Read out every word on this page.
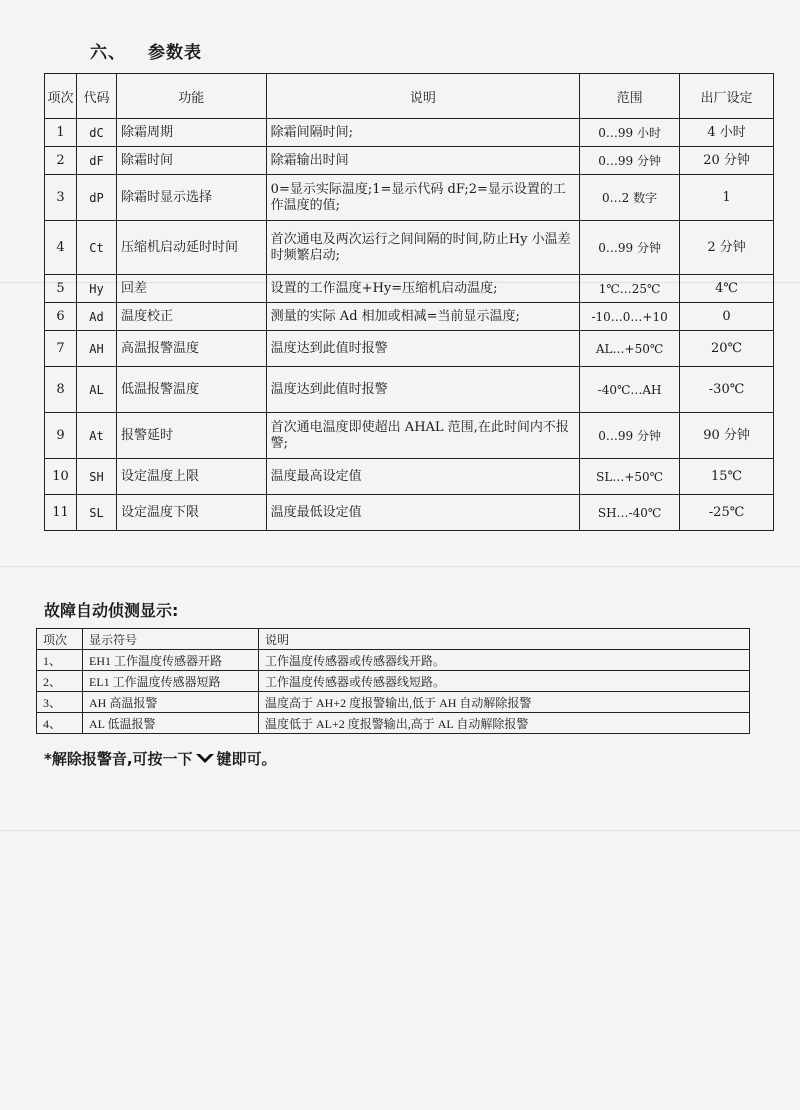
六、 参数表
项次	代码	功能	说明	范围	出厂设定
1	dC	除霜周期	除霜间隔时间;	0…99 小时	4 小时
2	dF	除霜时间	除霜输出时间	0…99 分钟	20 分钟
3	dP	除霜时显示选择	0=显示实际温度;1=显示代码 dF;2=显示设置的工作温度的值;	0…2 数字	1
4	Ct	压缩机启动延时时间	首次通电及两次运行之间间隔的时间,防止Hy 小温差时频繁启动;	0…99 分钟	2 分钟
5	Hy	回差	设置的工作温度+Hy=压缩机启动温度;	1℃…25℃	4℃
6	Ad	温度校正	测量的实际 Ad 相加或相减=当前显示温度;	-10…0…+10	0
7	AH	高温报警温度	温度达到此值时报警	AL…+50℃	20℃
8	AL	低温报警温度	温度达到此值时报警	-40℃…AH	-30℃
9	At	报警延时	首次通电温度即使超出 AHAL 范围,在此时间内不报警;	0…99 分钟	90 分钟
10	SH	设定温度上限	温度最高设定值	SL…+50℃	15℃
11	SL	设定温度下限	温度最低设定值	SH…-40℃	-25℃
故障自动侦测显示:
项次	显示符号	说明
1、	EH1 工作温度传感器开路	工作温度传感器或传感器线开路。
2、	EL1 工作温度传感器短路	工作温度传感器或传感器线短路。
3、	AH 高温报警	温度高于 AH+2 度报警输出,低于 AH 自动解除报警
4、	AL 低温报警	温度低于 AL+2 度报警输出,高于 AL 自动解除报警
*解除报警音,可按一下 键即可。
